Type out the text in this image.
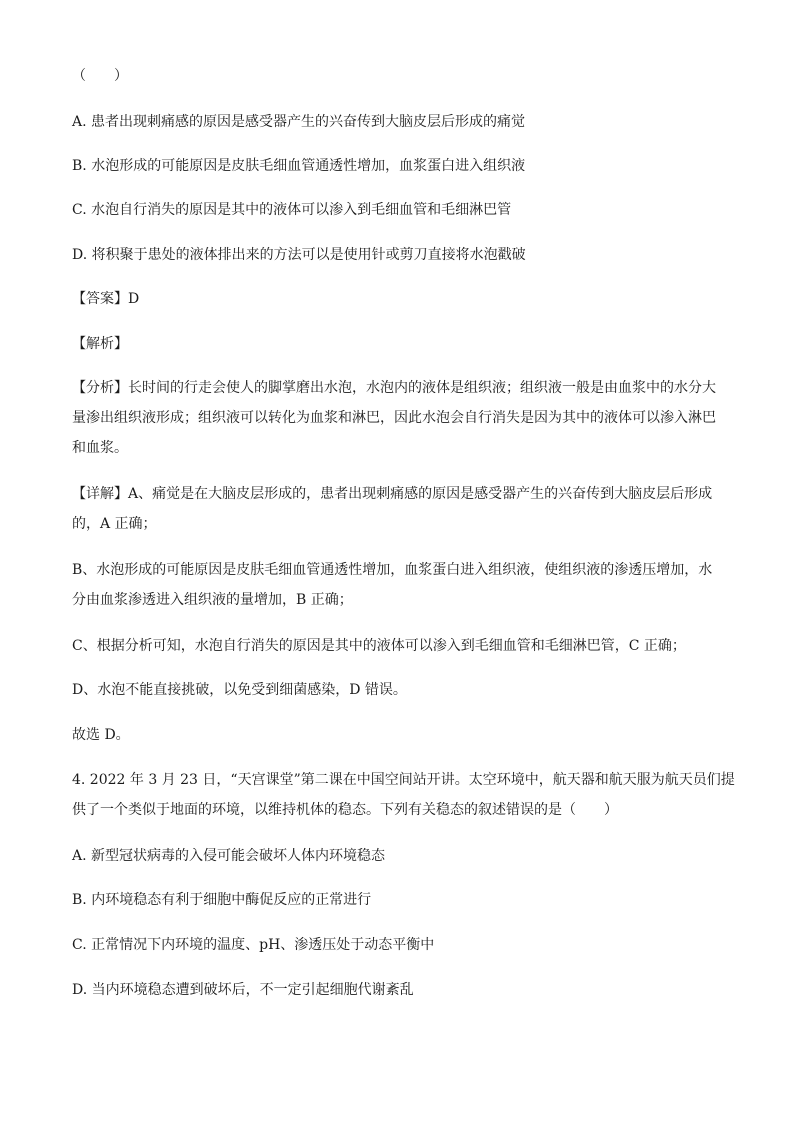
（　　）
A. 患者出现刺痛感的原因是感受器产生的兴奋传到大脑皮层后形成的痛觉
B. 水泡形成的可能原因是皮肤毛细血管通透性增加，血浆蛋白进入组织液
C. 水泡自行消失的原因是其中的液体可以渗入到毛细血管和毛细淋巴管
D. 将积聚于患处的液体排出来的方法可以是使用针或剪刀直接将水泡戳破
【答案】D
【解析】
【分析】长时间的行走会使人的脚掌磨出水泡，水泡内的液体是组织液；组织液一般是由血浆中的水分大
量渗出组织液形成；组织液可以转化为血浆和淋巴，因此水泡会自行消失是因为其中的液体可以渗入淋巴
和血浆。
【详解】A、痛觉是在大脑皮层形成的，患者出现刺痛感的原因是感受器产生的兴奋传到大脑皮层后形成
的，A 正确；
B、水泡形成的可能原因是皮肤毛细血管通透性增加，血浆蛋白进入组织液，使组织液的渗透压增加，水
分由血浆渗透进入组织液的量增加，B 正确；
C、根据分析可知，水泡自行消失的原因是其中的液体可以渗入到毛细血管和毛细淋巴管，C 正确；
D、水泡不能直接挑破，以免受到细菌感染，D 错误。
故选 D。
4. 2022 年 3 月 23 日，“天宫课堂”第二课在中国空间站开讲。太空环境中，航天器和航天服为航天员们提
供了一个类似于地面的环境，以维持机体的稳态。下列有关稳态的叙述错误的是（　　）
A. 新型冠状病毒的入侵可能会破坏人体内环境稳态
B. 内环境稳态有利于细胞中酶促反应的正常进行
C. 正常情况下内环境的温度、pH、渗透压处于动态平衡中
D. 当内环境稳态遭到破坏后，不一定引起细胞代谢紊乱
